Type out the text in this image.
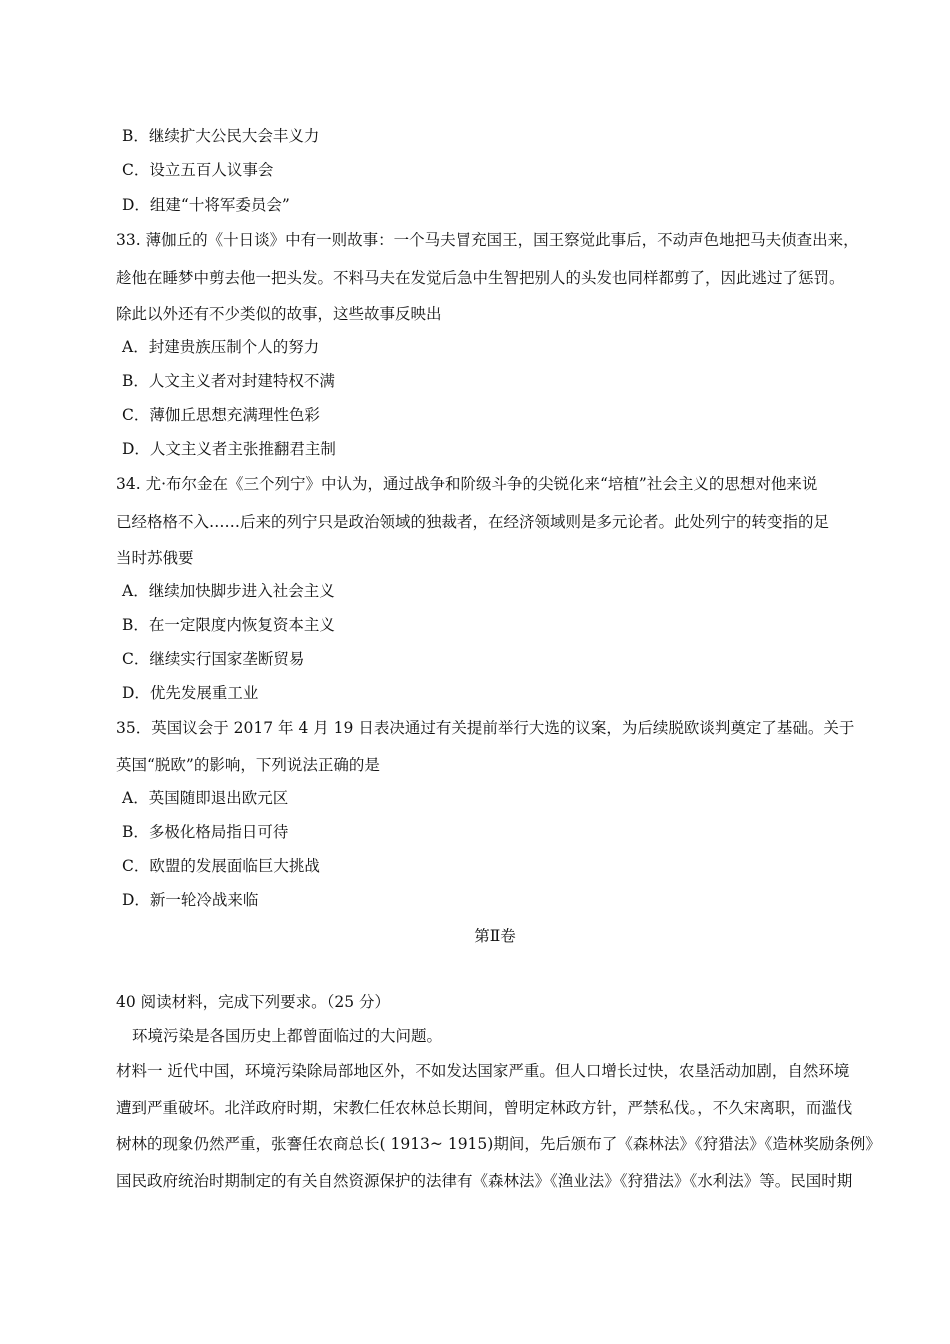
B．继续扩大公民大会丰义力
C．设立五百人议事会
D．组建“十将军委员会”
33. 薄伽丘的《十日谈》中有一则故事：一个马夫冒充国王，国王察觉此事后，不动声色地把马夫侦查出来，
趁他在睡梦中剪去他一把头发。不料马夫在发觉后急中生智把别人的头发也同样都剪了，因此逃过了惩罚。
除此以外还有不少类似的故事，这些故事反映出
A．封建贵族压制个人的努力
B．人文主义者对封建特权不满
C．薄伽丘思想充满理性色彩
D．人文主义者主张推翻君主制
34. 尤·布尔金在《三个列宁》中认为，通过战争和阶级斗争的尖锐化来“培植”社会主义的思想对他来说
已经格格不入……后来的列宁只是政治领域的独裁者，在经济领域则是多元论者。此处列宁的转变指的足
当时苏俄要
A．继续加快脚步进入社会主义
B．在一定限度内恢复资本主义
C．继续实行国家垄断贸易
D．优先发展重工业
35．英国议会于 2017 年 4 月 19 日表决通过有关提前举行大选的议案，为后续脱欧谈判奠定了基础。关于
英国“脱欧”的影响，下列说法正确的是
A．英国随即退出欧元区
B．多极化格局指日可待
C．欧盟的发展面临巨大挑战
D．新一轮冷战来临
第Ⅱ卷
40 阅读材料，完成下列要求。（25 分）
环境污染是各国历史上都曾面临过的大问题。
材料一 近代中国，环境污染除局部地区外，不如发达国家严重。但人口增长过快，农垦活动加剧，自然环境
遭到严重破坏。北洋政府时期，宋教仁任农林总长期间，曾明定林政方针，严禁私伐。，不久宋离职，而滥伐
树林的现象仍然严重，张謇任农商总长( 1913~ 1915)期间，先后颁布了《森林法》《狩猎法》《造林奖励条例》
国民政府统治时期制定的有关自然资源保护的法律有《森林法》《渔业法》《狩猎法》《水利法》等。民国时期
